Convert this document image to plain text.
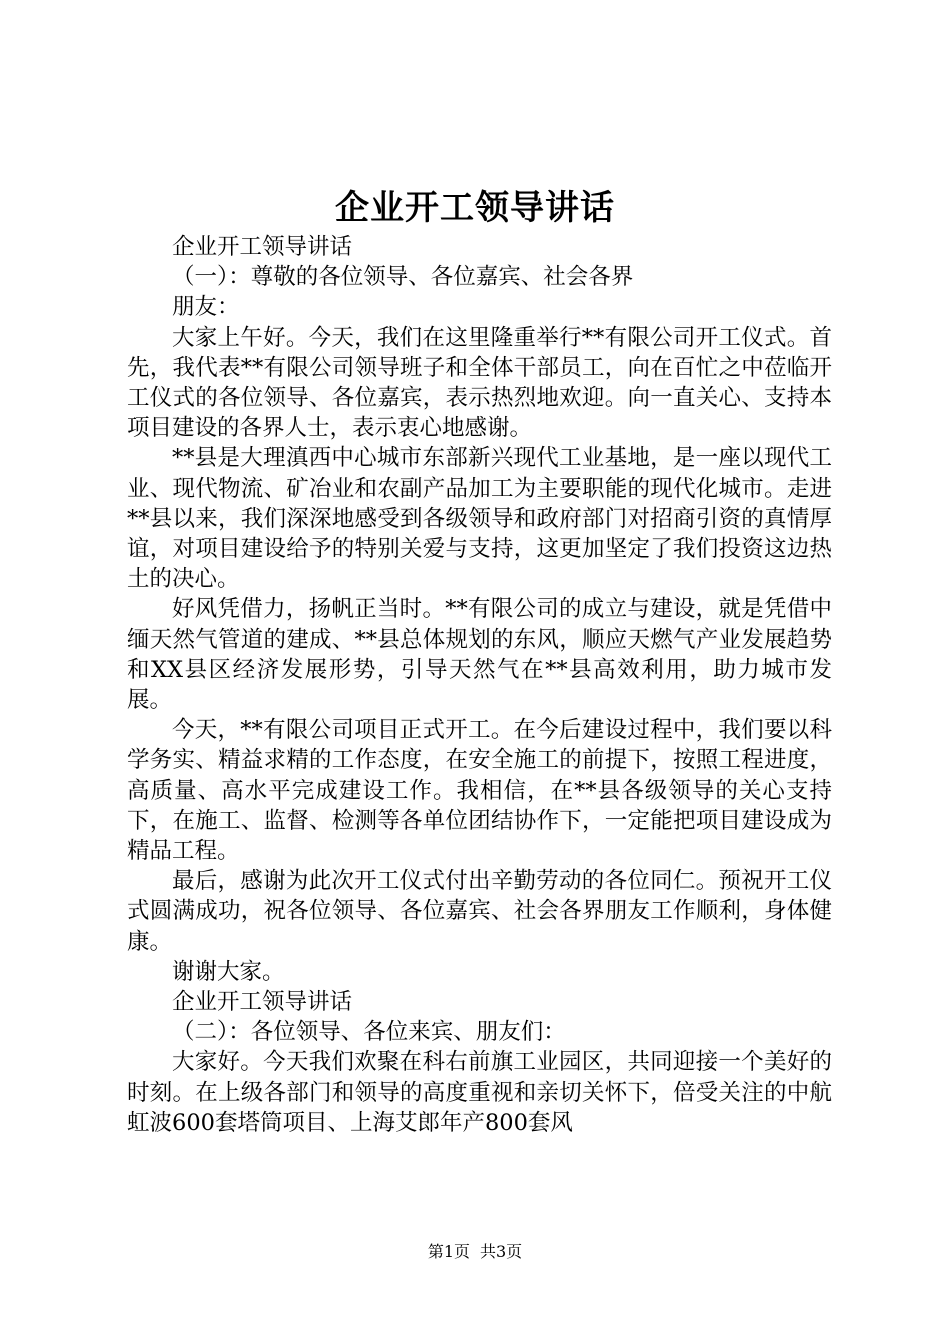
企业开工领导讲话

企业开工领导讲话

（一）：尊敬的各位领导、各位嘉宾、社会各界

朋友：

大家上午好。今天，我们在这里隆重举行**有限公司开工仪式。首先，我代表**有限公司领导班子和全体干部员工，向在百忙之中莅临开工仪式的各位领导、各位嘉宾，表示热烈地欢迎。向一直关心、支持本项目建设的各界人士，表示衷心地感谢。

**县是大理滇西中心城市东部新兴现代工业基地，是一座以现代工业、现代物流、矿冶业和农副产品加工为主要职能的现代化城市。走进**县以来，我们深深地感受到各级领导和政府部门对招商引资的真情厚谊，对项目建设给予的特别关爱与支持，这更加坚定了我们投资这边热土的决心。

好风凭借力，扬帆正当时。**有限公司的成立与建设，就是凭借中缅天然气管道的建成、**县总体规划的东风，顺应天燃气产业发展趋势和XX县区经济发展形势，引导天然气在**县高效利用，助力城市发展。

今天，**有限公司项目正式开工。在今后建设过程中，我们要以科学务实、精益求精的工作态度，在安全施工的前提下，按照工程进度，高质量、高水平完成建设工作。我相信，在**县各级领导的关心支持下，在施工、监督、检测等各单位团结协作下，一定能把项目建设成为精品工程。

最后，感谢为此次开工仪式付出辛勤劳动的各位同仁。预祝开工仪式圆满成功，祝各位领导、各位嘉宾、社会各界朋友工作顺利，身体健康。

谢谢大家。

企业开工领导讲话

（二）：各位领导、各位来宾、朋友们：

大家好。今天我们欢聚在科右前旗工业园区，共同迎接一个美好的时刻。在上级各部门和领导的高度重视和亲切关怀下，倍受关注的中航虹波600套塔筒项目、上海艾郎年产800套风

第1页 共3页
